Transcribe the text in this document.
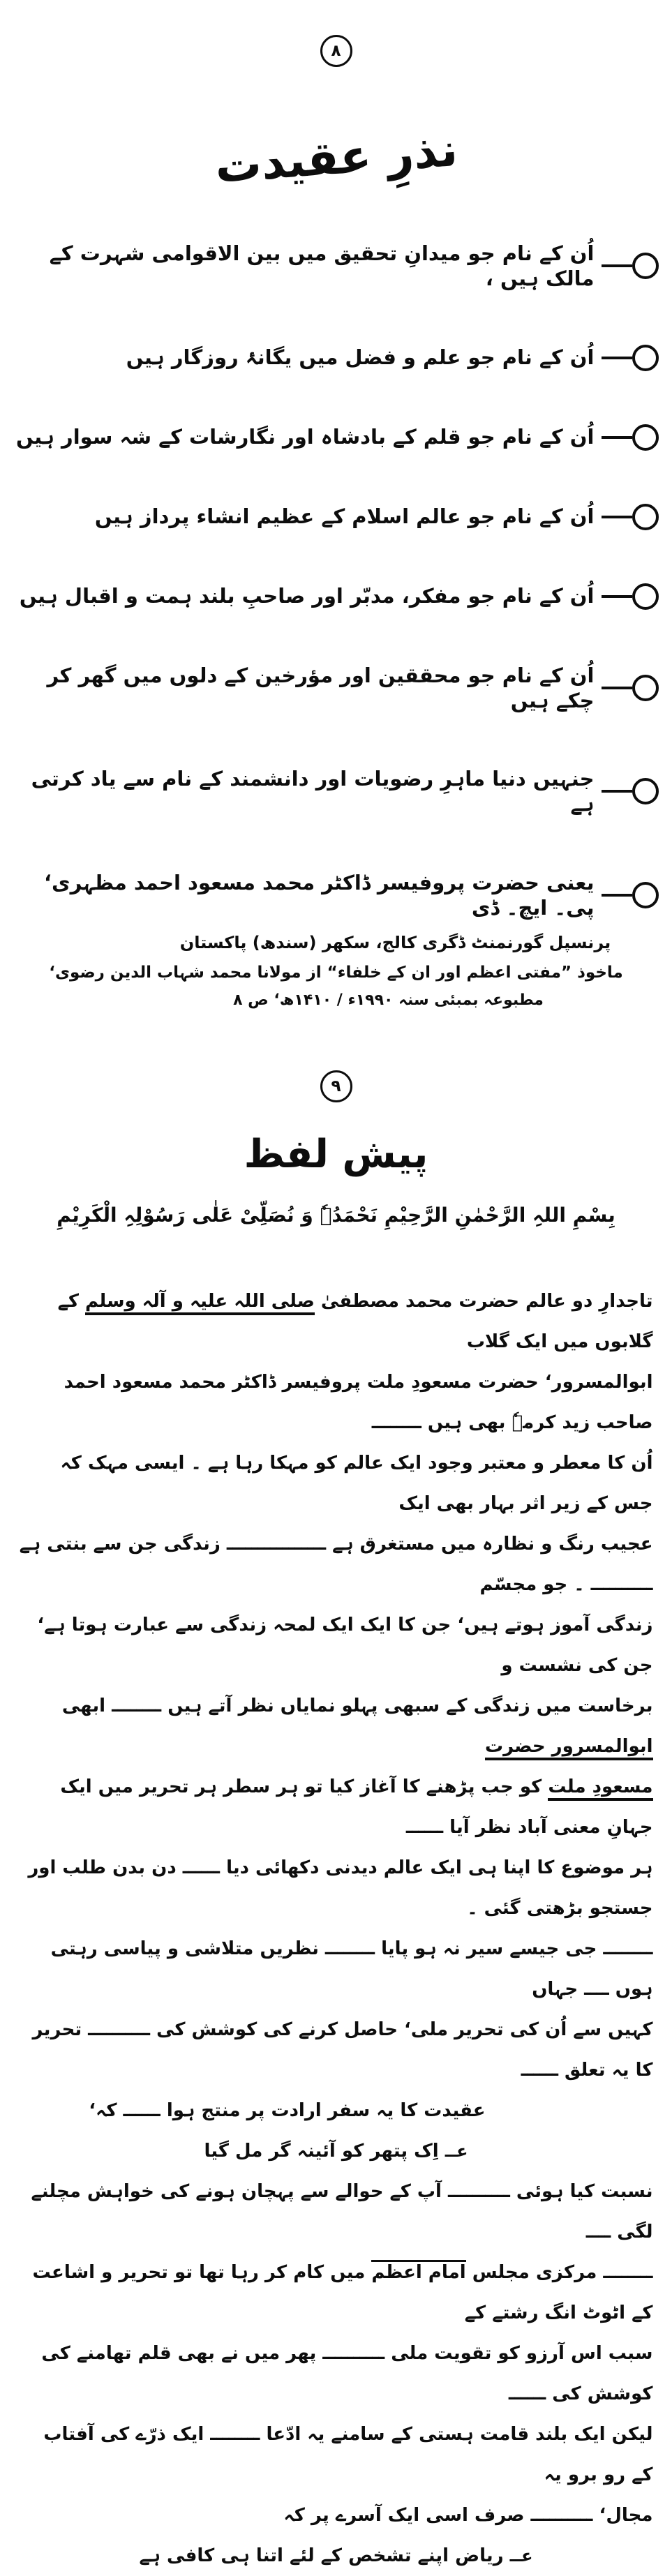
۸
نذرِ عقیدت
اُن کے نام جو میدانِ تحقیق میں بین الاقوامی شہرت کے مالک ہیں ،
اُن کے نام جو علم و فضل میں یگانۂ روزگار ہیں
اُن کے نام جو قلم کے بادشاہ اور نگارشات کے شہ سوار ہیں
اُن کے نام جو عالم اسلام کے عظیم انشاء پرداز ہیں
اُن کے نام جو مفکر، مدبّر اور صاحبِ بلند ہمت و اقبال ہیں
اُن کے نام جو محققین اور مؤرخین کے دلوں میں گھر کر چکے ہیں
جنہیں دنیا ماہرِ رضویات اور دانشمند کے نام سے یاد کرتی ہے
یعنی حضرت پروفیسر ڈاکٹر محمد مسعود احمد مظہری‘ پی۔ ایچ۔ ڈی
پرنسپل گورنمنٹ ڈگری کالج، سکھر (سندھ) پاکستان
ماخوذ ”مفتی اعظم اور ان کے خلفاء“ از مولانا محمد شہاب الدین رضوی‘
مطبوعہ بمبئی سنہ ۱۹۹۰ء / ۱۴۱۰ھ‘ ص ۸
۹
پیش لفظ
بِسْمِ اللہِ الرَّحْمٰنِ الرَّحِیْمِ نَحْمَدُہٗ وَ نُصَلِّیْ عَلٰی رَسُوْلِہِ الْکَرِیْمِ
تاجدارِ دو عالم حضرت محمد مصطفیٰ صلی اللہ علیہ و آلہ وسلم کے گلابوں میں ایک گلاب
ابوالمسرور‘ حضرت مسعودِ ملت پروفیسر ڈاکٹر محمد مسعود احمد صاحب زید کرمہٗ بھی ہیں ــــــــ
اُن کا معطر و معتبر وجود ایک عالم کو مہکا رہا ہے ۔ ایسی مہک کہ جس کے زیر اثر بہار بھی ایک
عجیب رنگ و نظارہ میں مستغرق ہے ــــــــــــــــ زندگی جن سے بنتی ہے ــــــــــ ۔ جو مجسّم
زندگی آموز ہوتے ہیں‘ جن کا ایک ایک لمحہ زندگی سے عبارت ہوتا ہے‘ جن کی نشست و
برخاست میں زندگی کے سبھی پہلو نمایاں نظر آتے ہیں ــــــــ ابھی ابوالمسرور حضرت
مسعودِ ملت کو جب پڑھنے کا آغاز کیا تو ہر سطر ہر تحریر میں ایک جہانِ معنی آباد نظر آیا ــــــ
ہر موضوع کا اپنا ہی ایک عالم دیدنی دکھائی دیا ــــــ دن بدن طلب اور جستجو بڑھتی گئی ۔
ــــــــ جی جیسے سیر نہ ہو پایا ــــــــ نظریں متلاشی و پیاسی رہتی ہوں ــــ جہاں
کہیں سے اُن کی تحریر ملی‘ حاصل کرنے کی کوشش کی ــــــــــ تحریر کا یہ تعلق ــــــ
عقیدت کا یہ سفر ارادت پر منتج ہوا ــــــ کہ‘
عــ اِک پتھر کو آئینہ گر مل گیا
نسبت کیا ہوئی ــــــــــ آپ کے حوالے سے پہچان ہونے کی خواہش مچلنے لگی ــــ
ــــــــ مرکزی مجلس امام اعظم میں کام کر رہا تھا تو تحریر و اشاعت کے اٹوٹ انگ رشتے کے
سبب اس آرزو کو تقویت ملی ــــــــــ پھر میں نے بھی قلم تھامنے کی کوشش کی ــــــ
لیکن ایک بلند قامت ہستی کے سامنے یہ ادّعا ــــــــ ایک ذرّے کی آفتاب کے رو برو یہ
مجال‘ ــــــــــ صرف اسی ایک آسرے پر کہ
عــ ریاض اپنے تشخص کے لئے اتنا ہی کافی ہے
